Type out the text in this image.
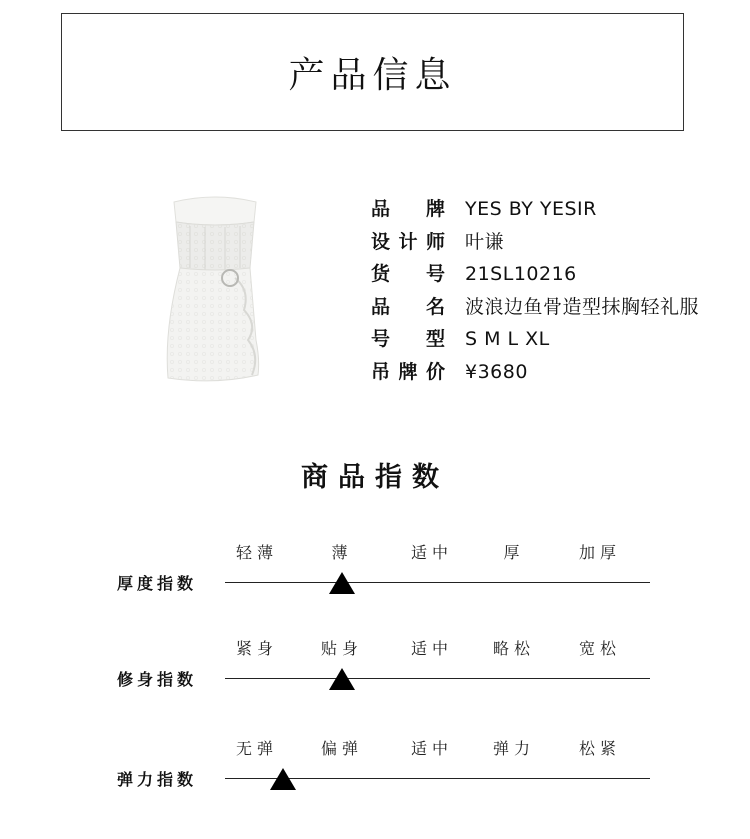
产品信息
品 牌 YES BY YESIR
设 计 师 叶谦
货 号 21SL10216
品 名 波浪边鱼骨造型抹胸轻礼服
号 型 S M L XL
吊 牌 价 ¥3680
商品指数
厚度指数
轻薄	薄	适中	厚	加厚
修身指数
紧身	贴身	适中	略松	宽松
弹力指数
无弹	偏弹	适中	弹力	松紧
